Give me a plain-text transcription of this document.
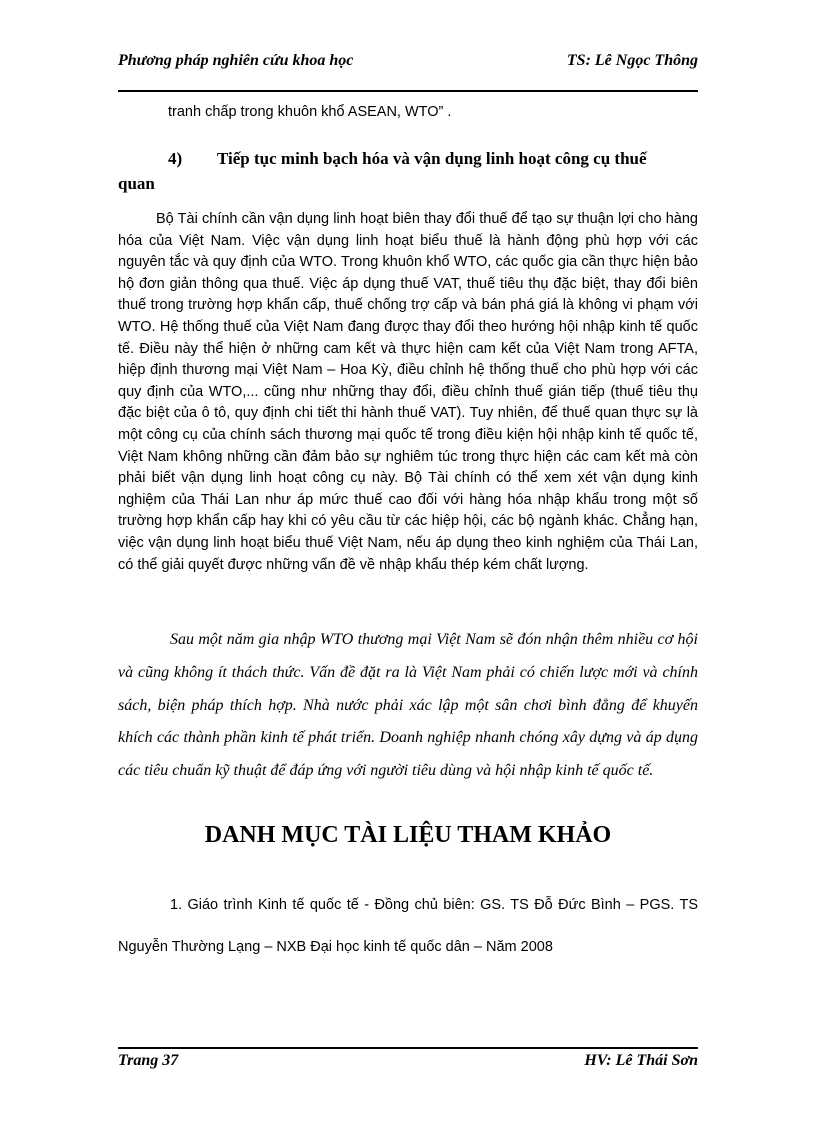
Phương pháp nghiên cứu khoa học	TS: Lê Ngọc Thông
tranh chấp trong khuôn khổ ASEAN, WTO” .
4) Tiếp tục minh bạch hóa và vận dụng linh hoạt công cụ thuế
quan

Bộ Tài chính cần vận dụng linh hoạt biên thay đổi thuế để tạo sự thuận lợi cho hàng hóa của Việt Nam. Việc vận dụng linh hoạt biểu thuế là hành động phù hợp với các nguyên tắc và quy định của WTO. Trong khuôn khổ WTO, các quốc gia cần thực hiện bảo hộ đơn giản thông qua thuế. Việc áp dụng thuế VAT, thuế tiêu thụ đặc biệt, thay đổi biên thuế trong trường hợp khẩn cấp, thuế chống trợ cấp và bán phá giá là không vi phạm với WTO. Hệ thống thuế của Việt Nam đang được thay đổi theo hướng hội nhập kinh tế quốc tế. Điều này thể hiện ở những cam kết và thực hiện cam kết của Việt Nam trong AFTA, hiệp định thương mại Việt Nam – Hoa Kỳ, điều chỉnh hệ thống thuế cho phù hợp với các quy định của WTO,... cũng như những thay đổi, điều chỉnh thuế gián tiếp (thuế tiêu thụ đặc biệt của ô tô, quy định chi tiết thi hành thuế VAT). Tuy nhiên, để thuế quan thực sự là một công cụ của chính sách thương mại quốc tế trong điều kiện hội nhập kinh tế quốc tế, Việt Nam không những cần đảm bảo sự nghiêm túc trong thực hiện các cam kết mà còn phải biết vận dụng linh hoạt công cụ này. Bộ Tài chính có thể xem xét vận dụng kinh nghiệm của Thái Lan như áp mức thuế cao đối với hàng hóa nhập khẩu trong một số trường hợp khẩn cấp hay khi có yêu cầu từ các hiệp hội, các bộ ngành khác. Chẳng hạn, việc vận dụng linh hoạt biểu thuế Việt Nam, nếu áp dụng theo kinh nghiệm của Thái Lan, có thể giải quyết được những vấn đề về nhập khẩu thép kém chất lượng.

Sau một năm gia nhập WTO thương mại Việt Nam sẽ đón nhận thêm nhiều cơ hội và cũng không ít thách thức. Vấn đề đặt ra là Việt Nam phải có chiến lược mới và chính sách, biện pháp thích hợp. Nhà nước phải xác lập một sân chơi bình đẳng để khuyến khích các thành phần kinh tế phát triển. Doanh nghiệp nhanh chóng xây dựng và áp dụng các tiêu chuẩn kỹ thuật để đáp ứng với người tiêu dùng và hội nhập kinh tế quốc tế.

DANH MỤC TÀI LIỆU THAM KHẢO

1. Giáo trình Kinh tế quốc tế - Đồng chủ biên: GS. TS Đỗ Đức Bình – PGS. TS Nguyễn Thường Lạng – NXB Đại học kinh tế quốc dân – Năm 2008

Trang 37	HV: Lê Thái Sơn
